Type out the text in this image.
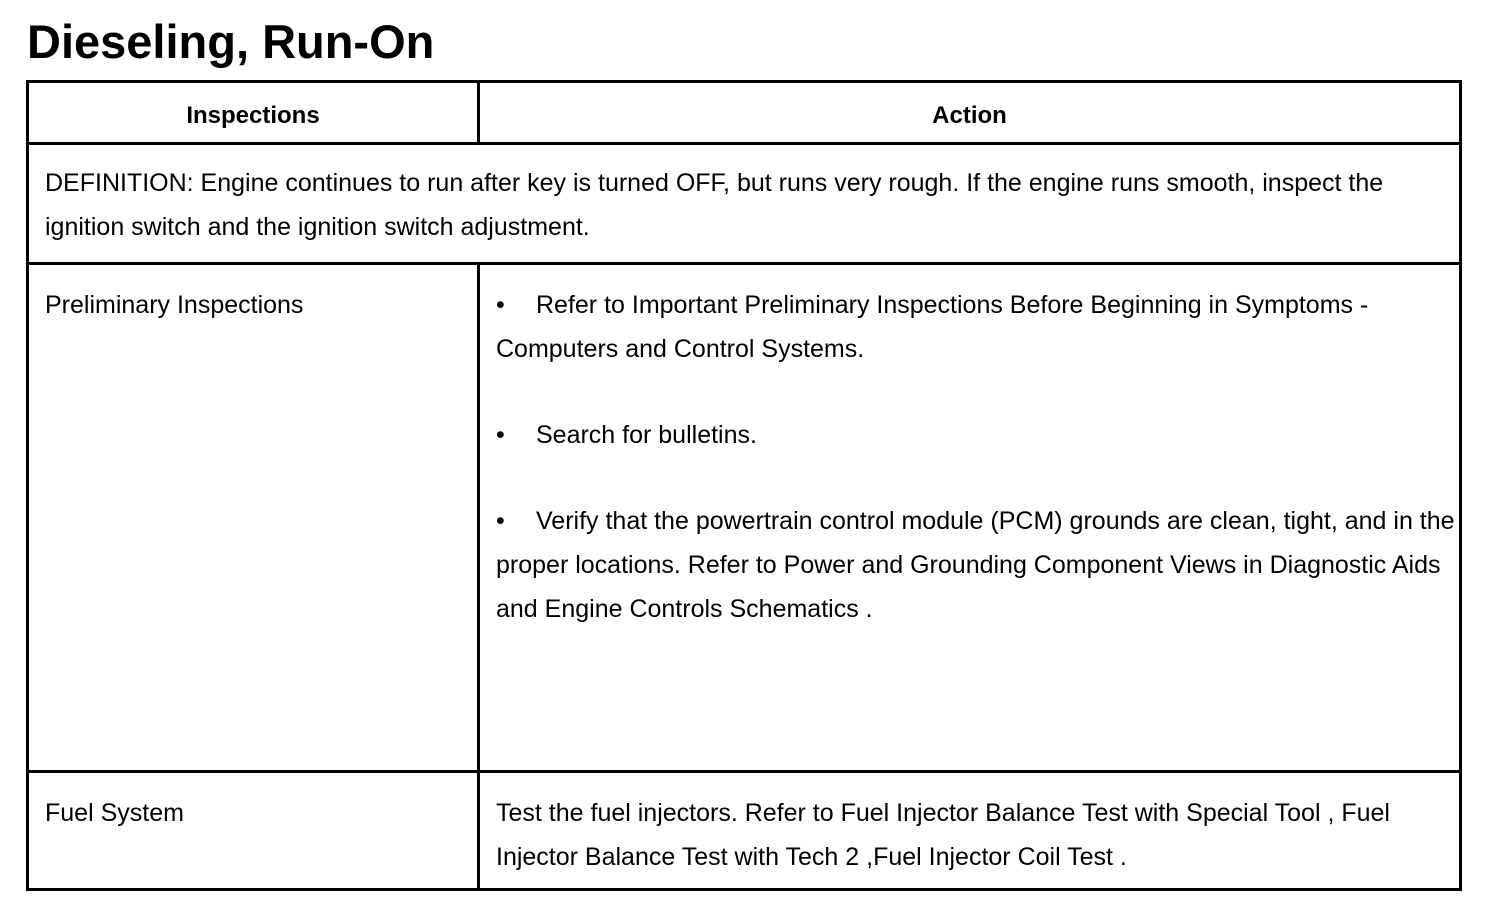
Dieseling, Run-On
Inspections	Action
DEFINITION: Engine continues to run after key is turned OFF, but runs very rough. If the engine runs smooth, inspect the ignition switch and the ignition switch adjustment.
Preliminary Inspections	• Refer to Important Preliminary Inspections Before Beginning in Symptoms - Computers and Control Systems.
• Search for bulletins.
• Verify that the powertrain control module (PCM) grounds are clean, tight, and in the proper locations. Refer to Power and Grounding Component Views in Diagnostic Aids and Engine Controls Schematics .
Fuel System	Test the fuel injectors. Refer to Fuel Injector Balance Test with Special Tool , Fuel Injector Balance Test with Tech 2 ,Fuel Injector Coil Test .
